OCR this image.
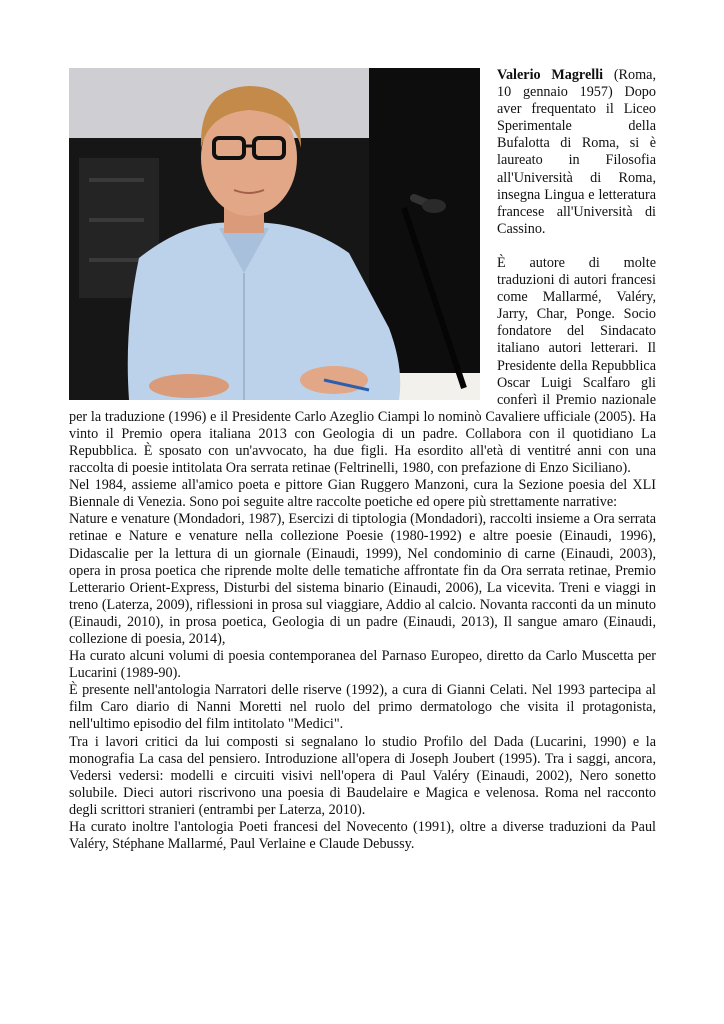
Valerio Magrelli (Roma, 10 gennaio 1957) Dopo aver frequentato il Liceo Sperimentale della Bufalotta di Roma, si è laureato in Filosofia all'Università di Roma, insegna Lingua e letteratura francese all'Università di Cassino.

È autore di molte traduzioni di autori francesi come Mallarmé, Valéry, Jarry, Char, Ponge. Socio fondatore del Sindacato italiano autori letterari. Il Presidente della Repubblica Oscar Luigi Scalfaro gli conferì il Premio nazionale per la traduzione (1996) e il Presidente Carlo Azeglio Ciampi lo nominò Cavaliere ufficiale (2005). Ha vinto il Premio opera italiana 2013 con Geologia di un padre. Collabora con il quotidiano La Repubblica. È sposato con un'avvocato, ha due figli. Ha esordito all'età di ventitré anni con una raccolta di poesie intitolata Ora serrata retinae (Feltrinelli, 1980, con prefazione di Enzo Siciliano).

Nel 1984, assieme all'amico poeta e pittore Gian Ruggero Manzoni, cura la Sezione poesia del XLI Biennale di Venezia. Sono poi seguite altre raccolte poetiche ed opere più strettamente narrative:

Nature e venature (Mondadori, 1987), Esercizi di tiptologia (Mondadori), raccolti insieme a Ora serrata retinae e Nature e venature nella collezione Poesie (1980-1992) e altre poesie (Einaudi, 1996), Didascalie per la lettura di un giornale (Einaudi, 1999), Nel condominio di carne (Einaudi, 2003), opera in prosa poetica che riprende molte delle tematiche affrontate fin da Ora serrata retinae, Premio Letterario Orient-Express, Disturbi del sistema binario (Einaudi, 2006), La vicevita. Treni e viaggi in treno (Laterza, 2009), riflessioni in prosa sul viaggiare, Addio al calcio. Novanta racconti da un minuto (Einaudi, 2010), in prosa poetica, Geologia di un padre (Einaudi, 2013), Il sangue amaro (Einaudi, collezione di poesia, 2014),

Ha curato alcuni volumi di poesia contemporanea del Parnaso Europeo, diretto da Carlo Muscetta per Lucarini (1989-90).

È presente nell'antologia Narratori delle riserve (1992), a cura di Gianni Celati. Nel 1993 partecipa al film Caro diario di Nanni Moretti nel ruolo del primo dermatologo che visita il protagonista, nell'ultimo episodio del film intitolato "Medici".

Tra i lavori critici da lui composti si segnalano lo studio Profilo del Dada (Lucarini, 1990) e la monografia La casa del pensiero. Introduzione all'opera di Joseph Joubert (1995). Tra i saggi, ancora, Vedersi vedersi: modelli e circuiti visivi nell'opera di Paul Valéry (Einaudi, 2002), Nero sonetto solubile. Dieci autori riscrivono una poesia di Baudelaire e Magica e velenosa. Roma nel racconto degli scrittori stranieri (entrambi per Laterza, 2010).

Ha curato inoltre l'antologia Poeti francesi del Novecento (1991), oltre a diverse traduzioni da Paul Valéry, Stéphane Mallarmé, Paul Verlaine e Claude Debussy.
